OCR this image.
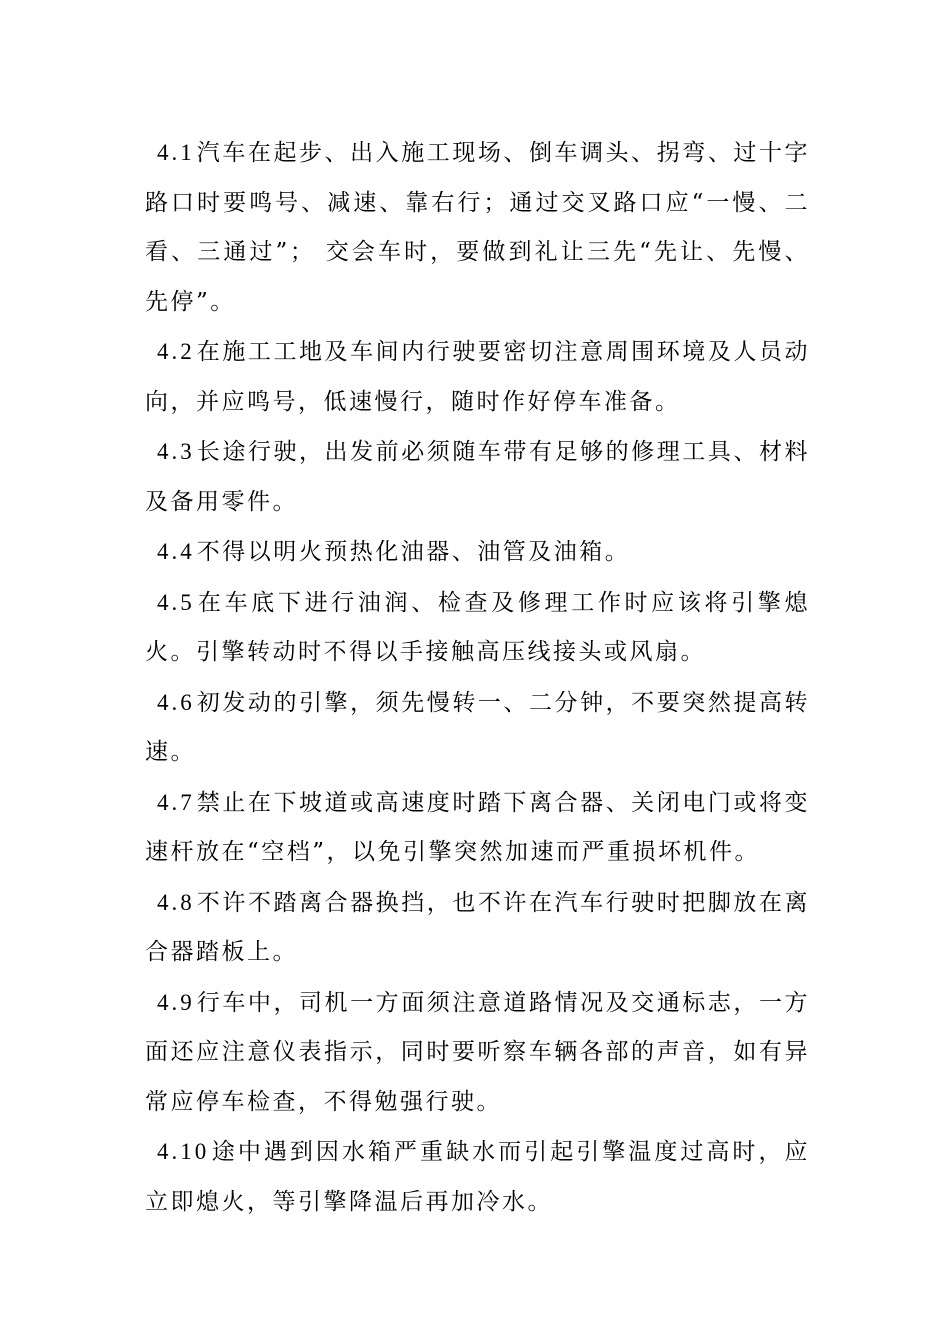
4.1汽车在起步、出入施工现场、倒车调头、拐弯、过十字路口时要鸣号、减速、靠右行；通过交叉路口应“一慢、二看、三通过”； 交会车时，要做到礼让三先“先让、先慢、先停”。

4.2在施工工地及车间内行驶要密切注意周围环境及人员动向，并应鸣号，低速慢行，随时作好停车准备。

4.3长途行驶，出发前必须随车带有足够的修理工具、材料及备用零件。

4.4不得以明火预热化油器、油管及油箱。

4.5在车底下进行油润、检查及修理工作时应该将引擎熄火。引擎转动时不得以手接触高压线接头或风扇。

4.6初发动的引擎，须先慢转一、二分钟，不要突然提高转速。

4.7禁止在下坡道或高速度时踏下离合器、关闭电门或将变速杆放在“空档”，以免引擎突然加速而严重损坏机件。

4.8不许不踏离合器换挡，也不许在汽车行驶时把脚放在离合器踏板上。

4.9行车中，司机一方面须注意道路情况及交通标志，一方面还应注意仪表指示，同时要听察车辆各部的声音，如有异常应停车检查，不得勉强行驶。

4.10途中遇到因水箱严重缺水而引起引擎温度过高时，应立即熄火，等引擎降温后再加冷水。
